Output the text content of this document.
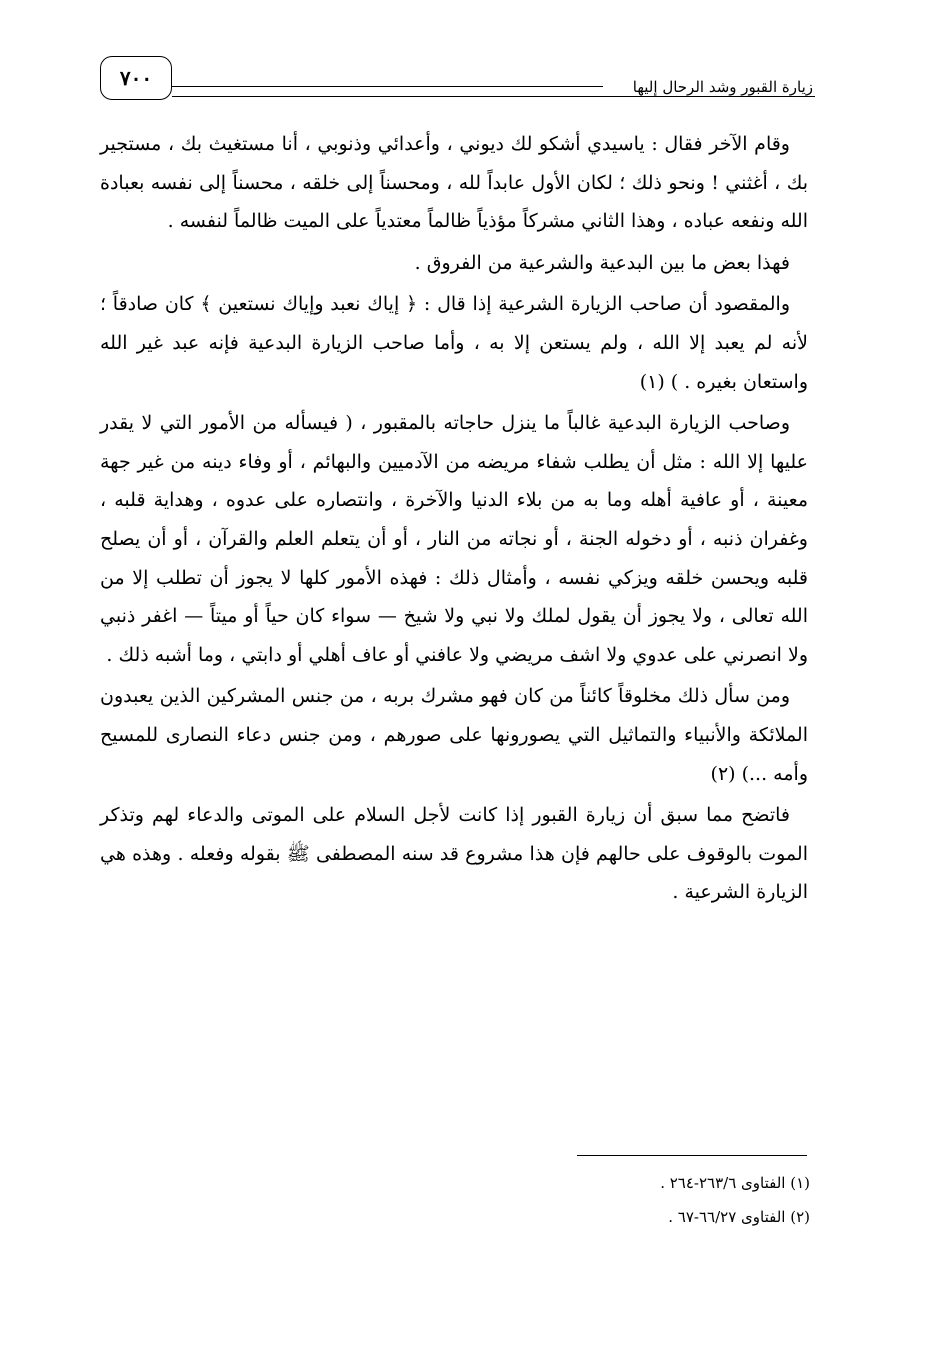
٧٠٠	زيارة القبور وشد الرحال إليها

وقام الآخر فقال : ياسيدي أشكو لك ديوني ، وأعدائي وذنوبي ، أنا مستغيث بك ، مستجير بك ، أغثني ! ونحو ذلك ؛ لكان الأول عابداً لله ، ومحسناً إلى خلقه ، محسناً إلى نفسه بعبادة الله ونفعه عباده ، وهذا الثاني مشركاً مؤذياً ظالماً معتدياً على الميت ظالماً لنفسه .

فهذا بعض ما بين البدعية والشرعية من الفروق .

والمقصود أن صاحب الزيارة الشرعية إذا قال : ﴿ إياك نعبد وإياك نستعين ﴾ كان صادقاً ؛ لأنه لم يعبد إلا الله ، ولم يستعن إلا به ، وأما صاحب الزيارة البدعية فإنه عبد غير الله واستعان بغيره . ) (١)

وصاحب الزيارة البدعية غالباً ما ينزل حاجاته بالمقبور ، ( فيسأله من الأمور التي لا يقدر عليها إلا الله : مثل أن يطلب شفاء مريضه من الآدميين والبهائم ، أو وفاء دينه من غير جهة معينة ، أو عافية أهله وما به من بلاء الدنيا والآخرة ، وانتصاره على عدوه ، وهداية قلبه ، وغفران ذنبه ، أو دخوله الجنة ، أو نجاته من النار ، أو أن يتعلم العلم والقرآن ، أو أن يصلح قلبه ويحسن خلقه ويزكي نفسه ، وأمثال ذلك : فهذه الأمور كلها لا يجوز أن تطلب إلا من الله تعالى ، ولا يجوز أن يقول لملك ولا نبي ولا شيخ — سواء كان حياً أو ميتاً — اغفر ذنبي ولا انصرني على عدوي ولا اشف مريضي ولا عافني أو عاف أهلي أو دابتي ، وما أشبه ذلك .

ومن سأل ذلك مخلوقاً كائناً من كان فهو مشرك بربه ، من جنس المشركين الذين يعبدون الملائكة والأنبياء والتماثيل التي يصورونها على صورهم ، ومن جنس دعاء النصارى للمسيح وأمه ...) (٢)

فاتضح مما سبق أن زيارة القبور إذا كانت لأجل السلام على الموتى والدعاء لهم وتذكر الموت بالوقوف على حالهم فإن هذا مشروع قد سنه المصطفى ﷺ بقوله وفعله . وهذه هي الزيارة الشرعية .

(١) الفتاوى ٢٦٣/٦-٢٦٤ .
(٢) الفتاوى ٦٦/٢٧-٦٧ .
